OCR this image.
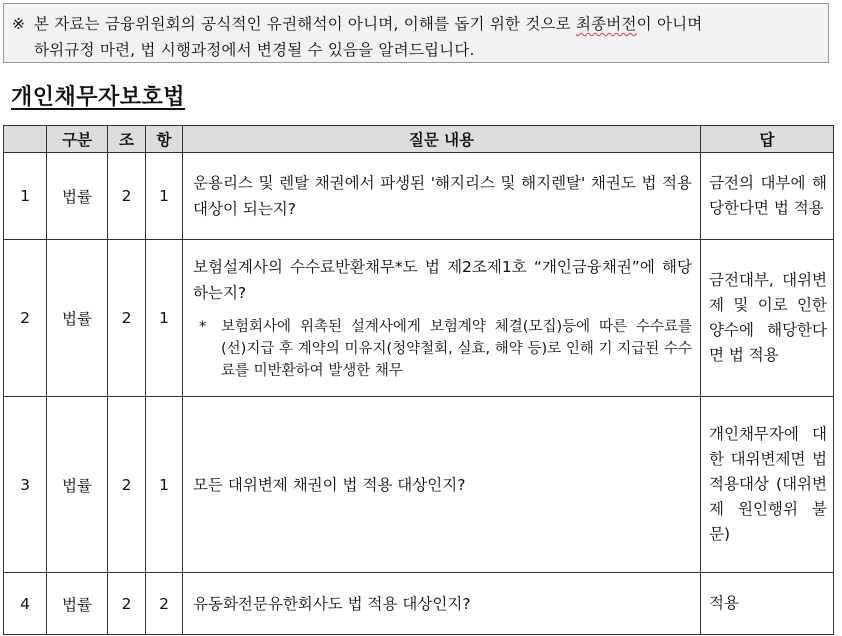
※ 본 자료는 금융위원회의 공식적인 유권해석이 아니며, 이해를 돕기 위한 것으로 최종버전이 아니며
하위규정 마련, 법 시행과정에서 변경될 수 있음을 알려드립니다.
개인채무자보호법
	구분	조	항	질문 내용	답
1	법률	2	1	운용리스 및 렌탈 채권에서 파생된 '해지리스 및 해지렌탈' 채권도 법 적용 대상이 되는지?	금전의 대부에 해당한다면 법 적용
2	법률	2	1	보험설계사의 수수료반환채무*도 법 제2조제1호 “개인금융채권”에 해당하는지?
* 보험회사에 위촉된 설계사에게 보험계약 체결(모집)등에 따른 수수료를 (선)지급 후 계약의 미유지(청약철회, 실효, 해약 등)로 인해 기 지급된 수수료를 미반환하여 발생한 채무	금전대부, 대위변제 및 이로 인한 양수에 해당한다면 법 적용
3	법률	2	1	모든 대위변제 채권이 법 적용 대상인지?	개인채무자에 대한 대위변제면 법 적용대상 (대위변제 원인행위 불문)
4	법률	2	2	유동화전문유한회사도 법 적용 대상인지?	적용
